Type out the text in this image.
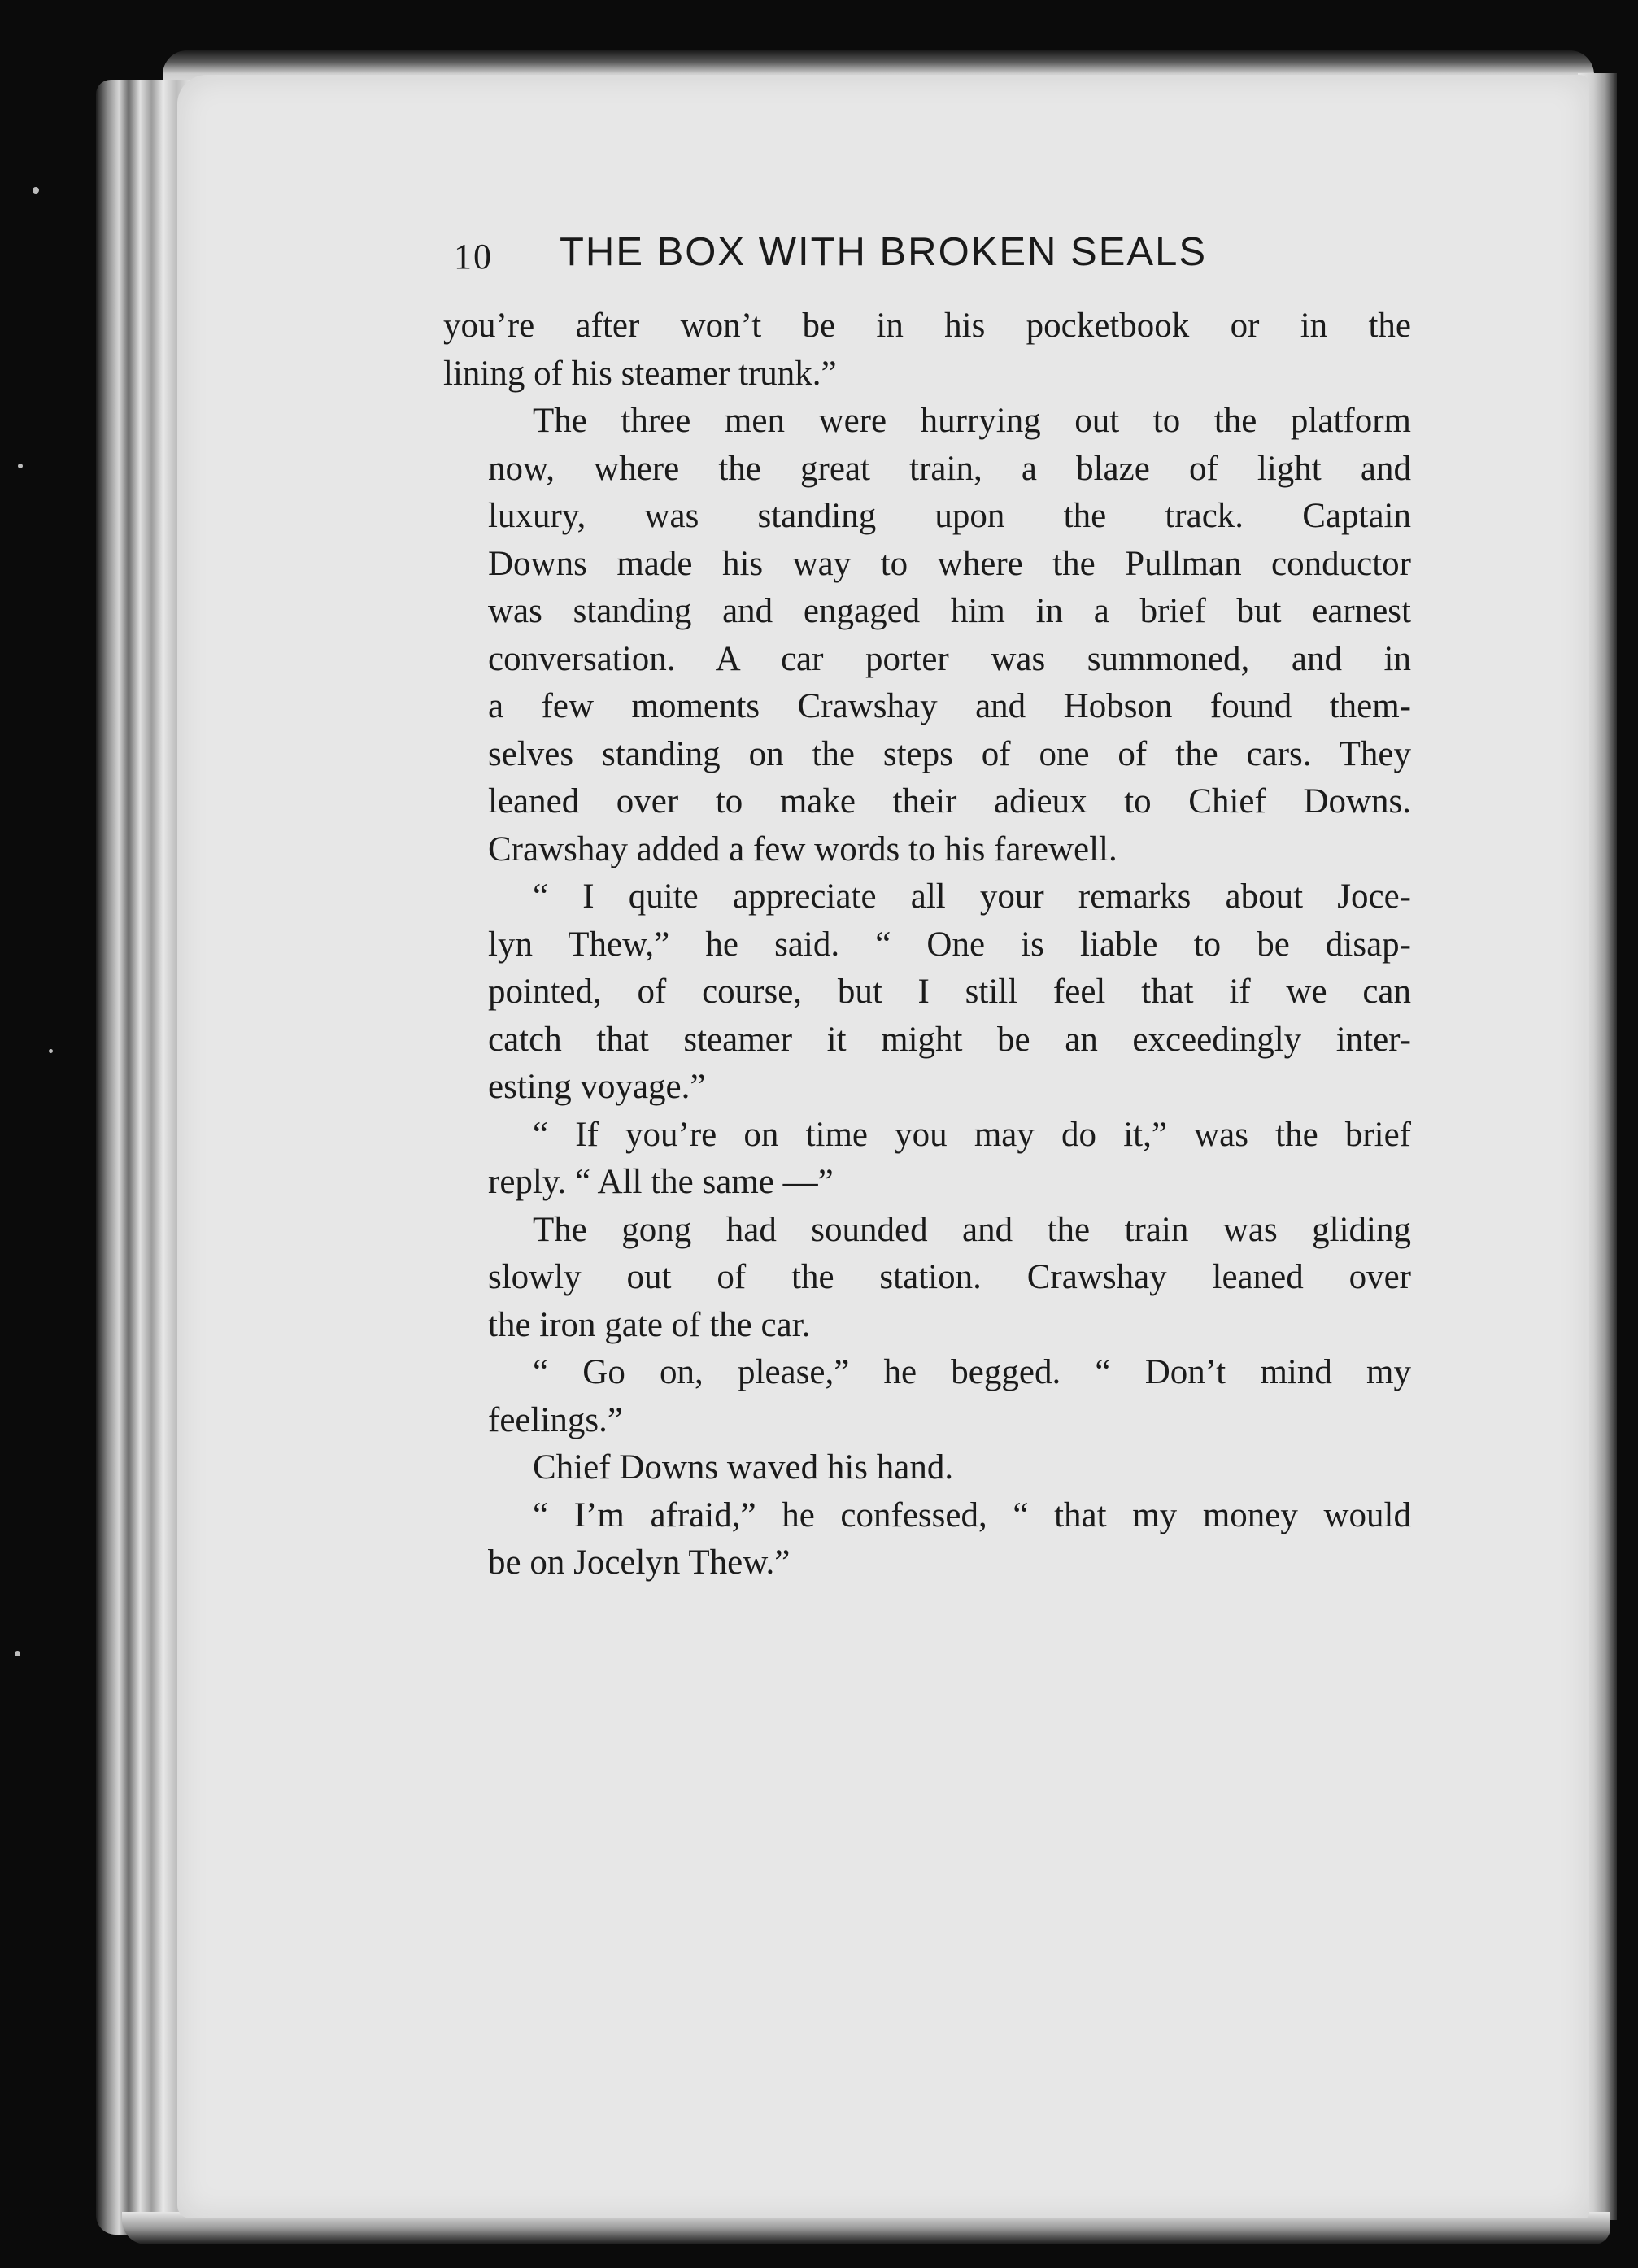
10 THE BOX WITH BROKEN SEALS
you’re after won’t be in his pocketbook or in the
lining of his steamer trunk.”
The three men were hurrying out to the platform
now, where the great train, a blaze of light and
luxury, was standing upon the track. Captain
Downs made his way to where the Pullman conductor
was standing and engaged him in a brief but earnest
conversation. A car porter was summoned, and in
a few moments Crawshay and Hobson found them-
selves standing on the steps of one of the cars. They
leaned over to make their adieux to Chief Downs.
Crawshay added a few words to his farewell.
“ I quite appreciate all your remarks about Joce-
lyn Thew,” he said. “ One is liable to be disap-
pointed, of course, but I still feel that if we can
catch that steamer it might be an exceedingly inter-
esting voyage.”
“ If you’re on time you may do it,” was the brief
reply. “ All the same —”
The gong had sounded and the train was gliding
slowly out of the station. Crawshay leaned over
the iron gate of the car.
“ Go on, please,” he begged. “ Don’t mind my
feelings.”
Chief Downs waved his hand.
“ I’m afraid,” he confessed, “ that my money would
be on Jocelyn Thew.”
